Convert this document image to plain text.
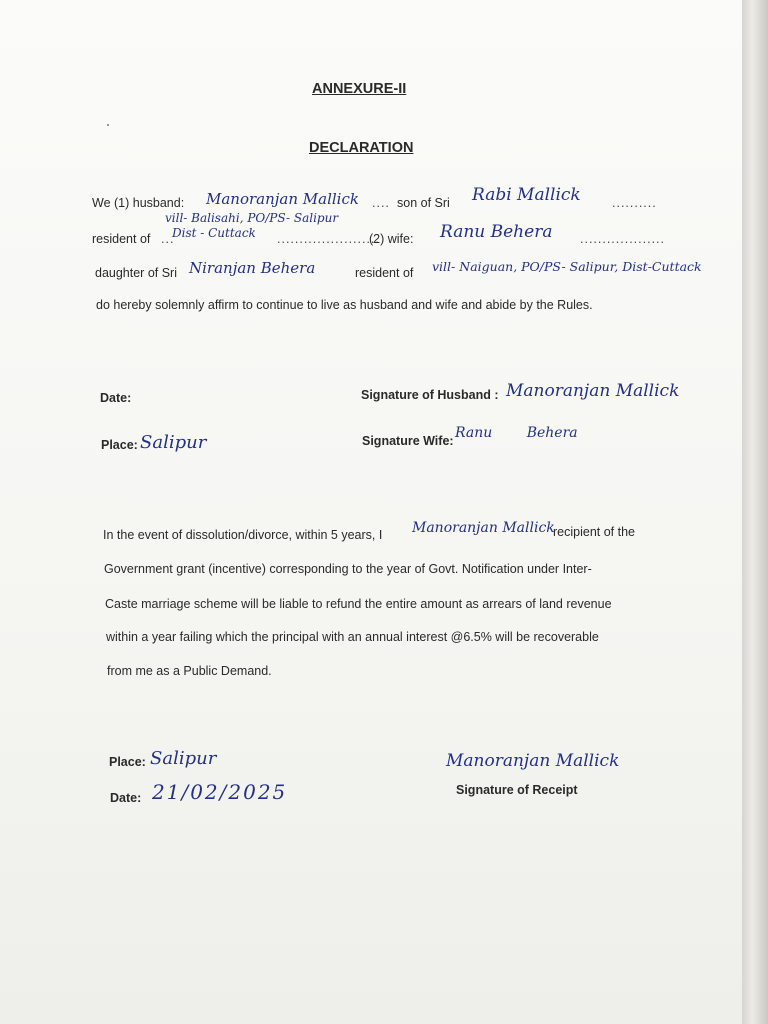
ANNEXURE-II
DECLARATION
We (1) husband: Manoranjan Mallick .... son of Sri Rabi Mallick	..........
vill- Balisahi, PO/PS- Salipur
resident of ...
Dist - Cuttack .......................
(2) wife: Ranu Behera ...................
daughter of Sri Niranjan Behera	resident of vill- Naiguan, PO/PS- Salipur, Dist-Cuttack
do hereby solemnly affirm to continue to live as husband and wife and abide by the Rules.
Date:	Signature of Husband : Manoranjan Mallick
Place: Salipur	Signature Wife: Ranu Behera
In the event of dissolution/divorce, within 5 years, I Manoranjan Mallick
recipient of the
Government grant (incentive) corresponding to the year of Govt. Notification under Inter-
Caste marriage scheme will be liable to refund the entire amount as arrears of land revenue
within a year failing which the principal with an annual interest @6.5% will be recoverable
from me as a Public Demand.
Place: Salipur
Date: 21/02/2025
Manoranjan Mallick
Signature of Receipt
